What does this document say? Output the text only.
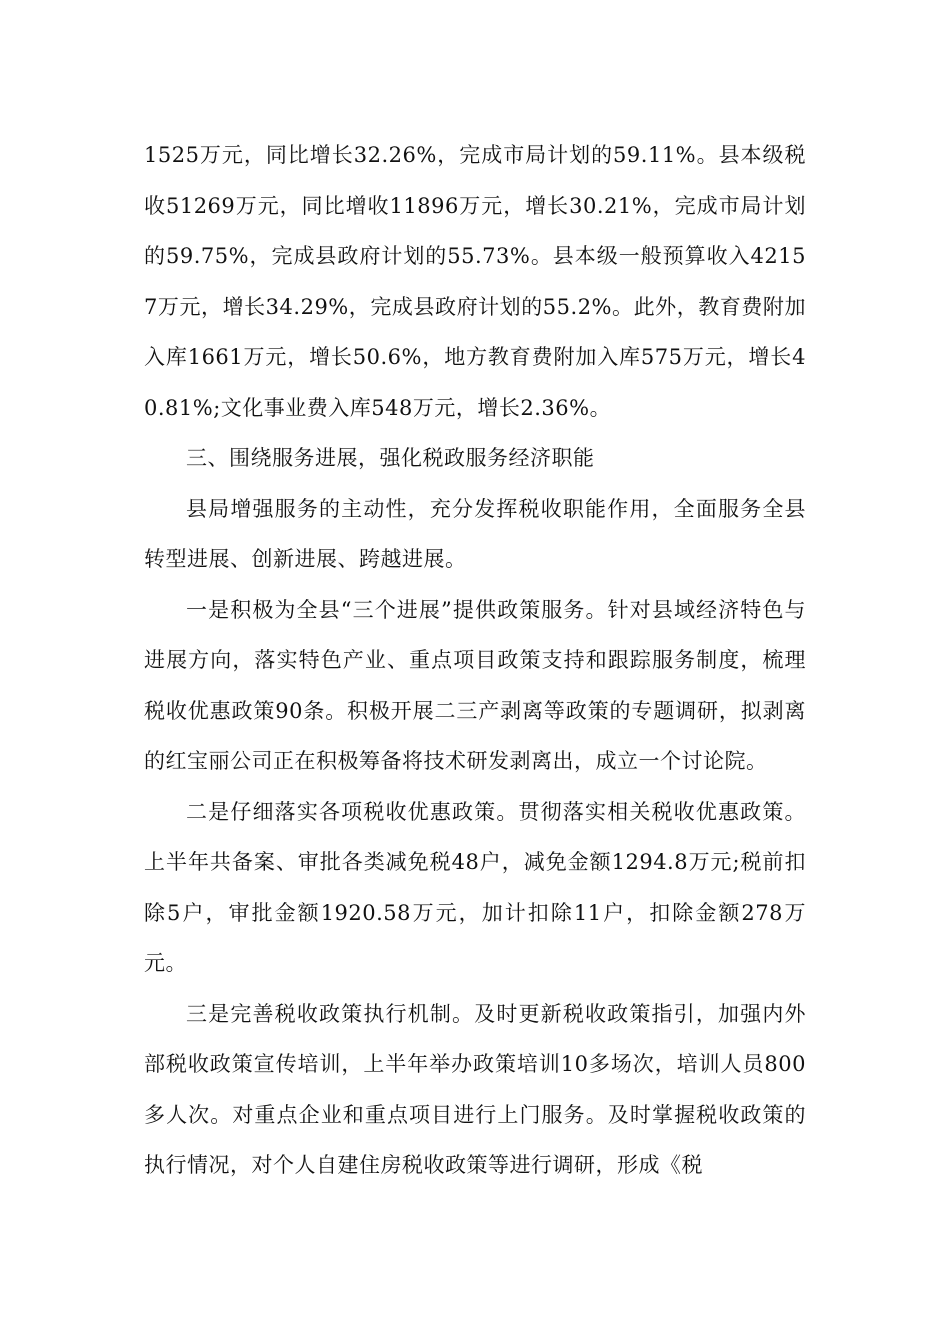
1525万元，同比增长32.26%，完成市局计划的59.11%。县本级税收51269万元，同比增收11896万元，增长30.21%，完成市局计划的59.75%，完成县政府计划的55.73%。县本级一般预算收入42157万元，增长34.29%，完成县政府计划的55.2%。此外，教育费附加入库1661万元，增长50.6%，地方教育费附加入库575万元，增长40.81%;文化事业费入库548万元，增长2.36%。

三、围绕服务进展，强化税政服务经济职能

县局增强服务的主动性，充分发挥税收职能作用，全面服务全县转型进展、创新进展、跨越进展。

一是积极为全县“三个进展”提供政策服务。针对县域经济特色与进展方向，落实特色产业、重点项目政策支持和跟踪服务制度，梳理税收优惠政策90条。积极开展二三产剥离等政策的专题调研，拟剥离的红宝丽公司正在积极筹备将技术研发剥离出，成立一个讨论院。

二是仔细落实各项税收优惠政策。贯彻落实相关税收优惠政策。上半年共备案、审批各类减免税48户，减免金额1294.8万元;税前扣除5户，审批金额1920.58万元，加计扣除11户，扣除金额278万元。

三是完善税收政策执行机制。及时更新税收政策指引，加强内外部税收政策宣传培训，上半年举办政策培训10多场次，培训人员800多人次。对重点企业和重点项目进行上门服务。及时掌握税收政策的执行情况，对个人自建住房税收政策等进行调研，形成《税
